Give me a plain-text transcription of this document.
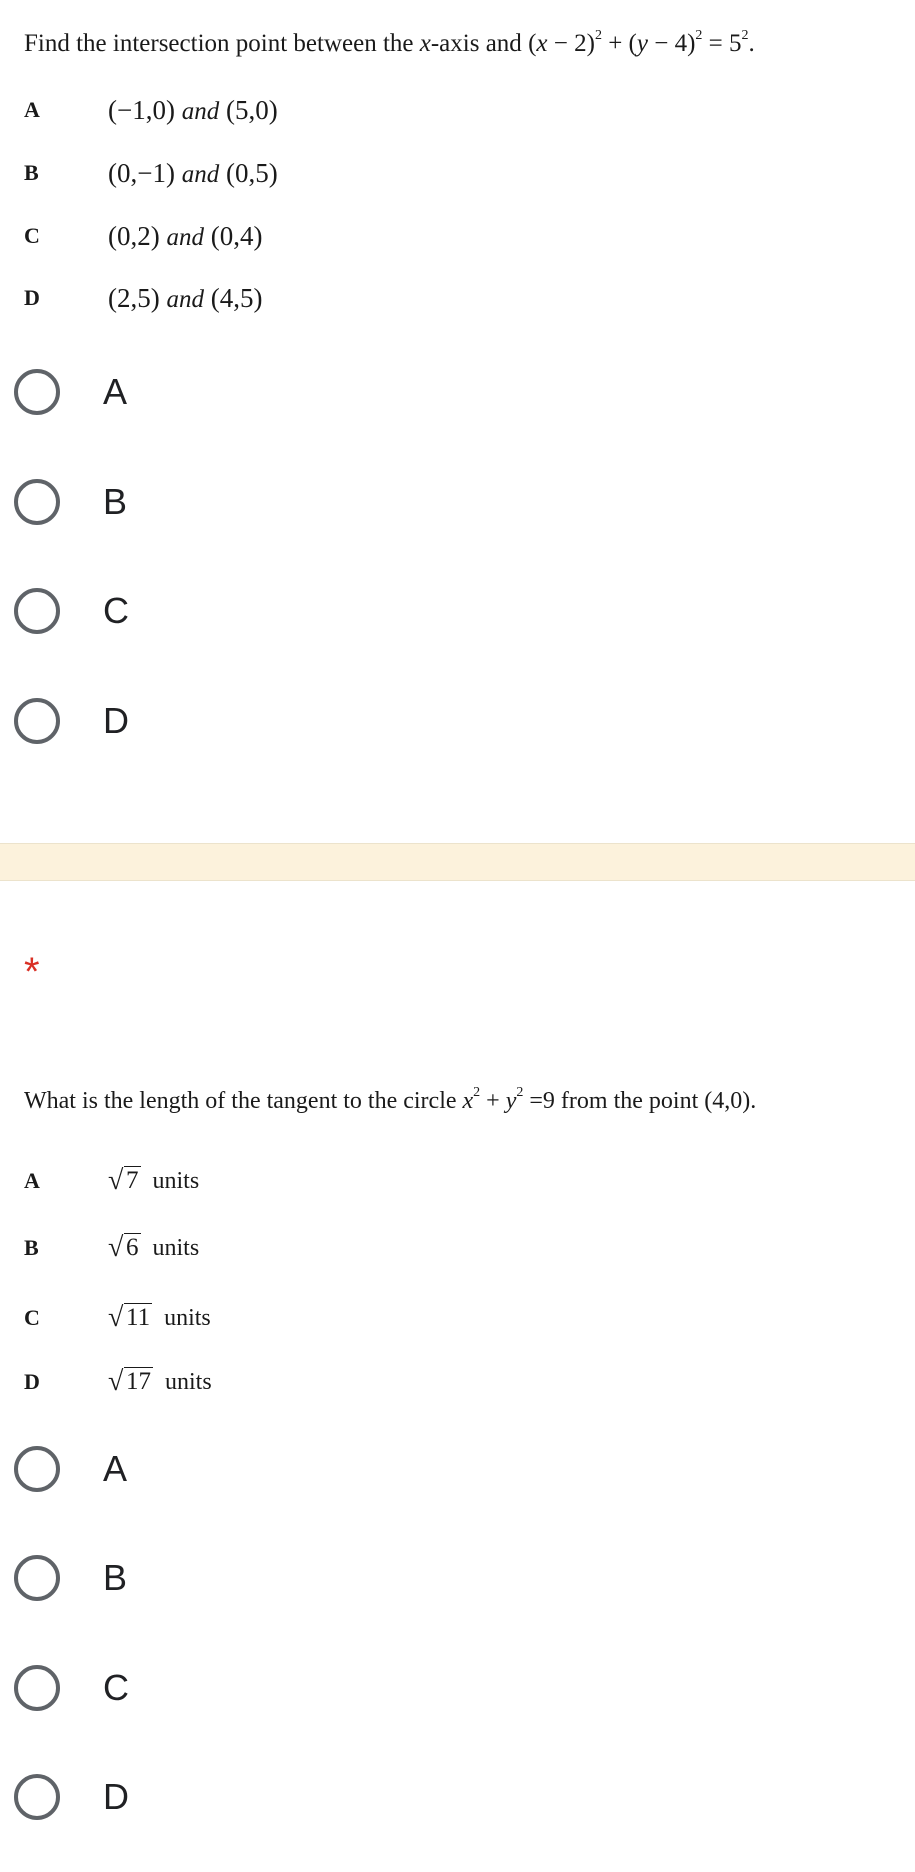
Find the intersection point between the x-axis and $(x - 2)^2 + (y - 4)^2 = 5^2$.
A	(−1,0) and (5,0)
B	(0,−1) and (0,5)
C	(0,2) and (0,4)
D	(2,5) and (4,5)
A
B
C
D
*
What is the length of the tangent to the circle $x^2 + y^2 =9$ from the point (4,0).
A	√ 7 units
B	√ 6 units
C	√ 11 units
D	√ 17 units
A
B
C
D
